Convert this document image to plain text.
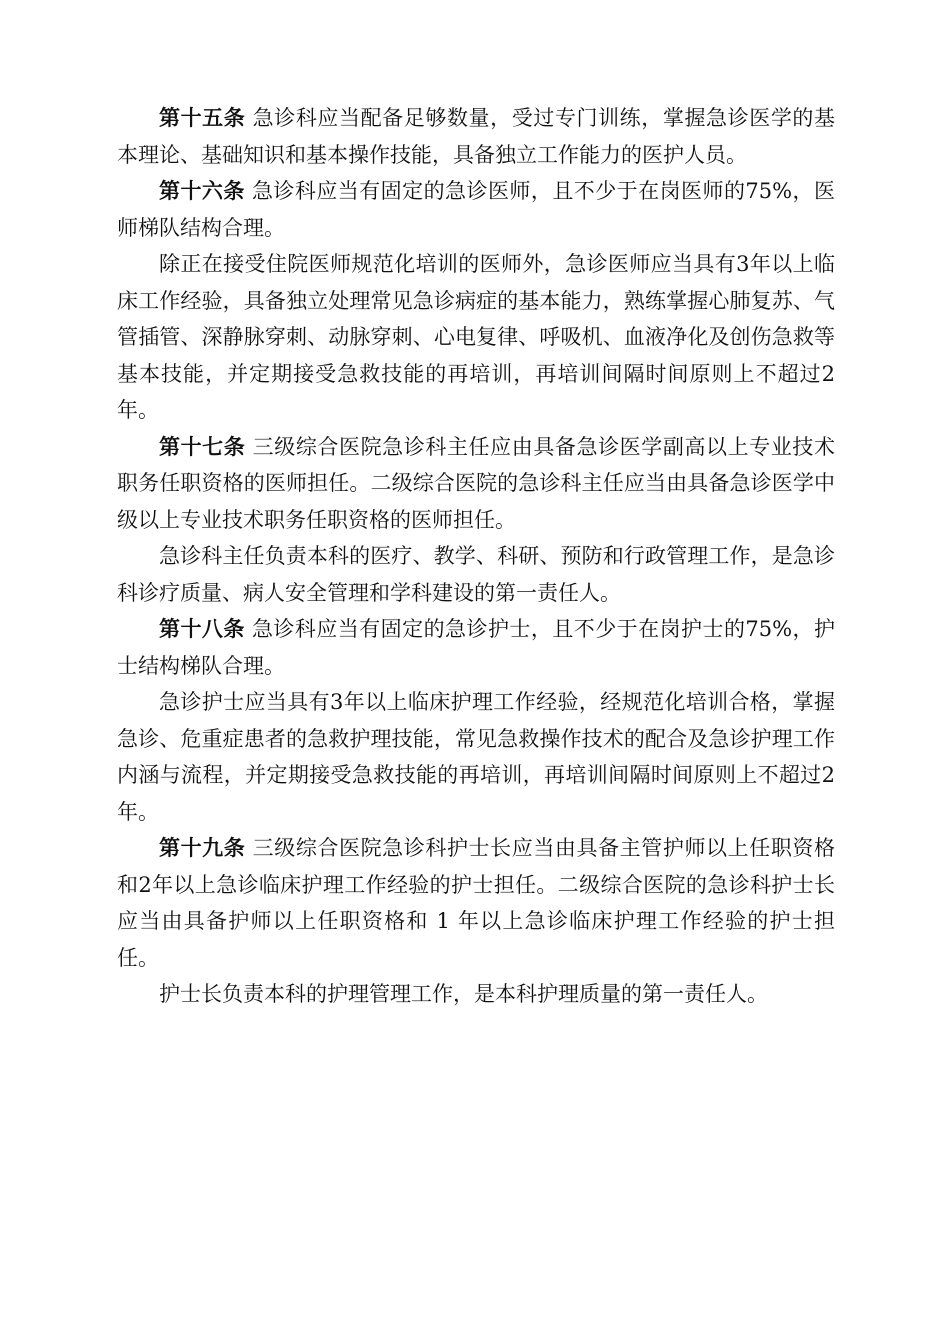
第十五条 急诊科应当配备足够数量，受过专门训练，掌握急诊医学的基本理论、基础知识和基本操作技能，具备独立工作能力的医护人员。

第十六条 急诊科应当有固定的急诊医师，且不少于在岗医师的75%，医师梯队结构合理。

除正在接受住院医师规范化培训的医师外，急诊医师应当具有3年以上临床工作经验，具备独立处理常见急诊病症的基本能力，熟练掌握心肺复苏、气管插管、深静脉穿刺、动脉穿刺、心电复律、呼吸机、血液净化及创伤急救等基本技能，并定期接受急救技能的再培训，再培训间隔时间原则上不超过2年。

第十七条 三级综合医院急诊科主任应由具备急诊医学副高以上专业技术职务任职资格的医师担任。二级综合医院的急诊科主任应当由具备急诊医学中级以上专业技术职务任职资格的医师担任。

急诊科主任负责本科的医疗、教学、科研、预防和行政管理工作，是急诊科诊疗质量、病人安全管理和学科建设的第一责任人。

第十八条 急诊科应当有固定的急诊护士，且不少于在岗护士的75%，护士结构梯队合理。

急诊护士应当具有3年以上临床护理工作经验，经规范化培训合格，掌握急诊、危重症患者的急救护理技能，常见急救操作技术的配合及急诊护理工作内涵与流程，并定期接受急救技能的再培训，再培训间隔时间原则上不超过2年。

第十九条 三级综合医院急诊科护士长应当由具备主管护师以上任职资格和2年以上急诊临床护理工作经验的护士担任。二级综合医院的急诊科护士长应当由具备护师以上任职资格和 1 年以上急诊临床护理工作经验的护士担任。

护士长负责本科的护理管理工作，是本科护理质量的第一责任人。
